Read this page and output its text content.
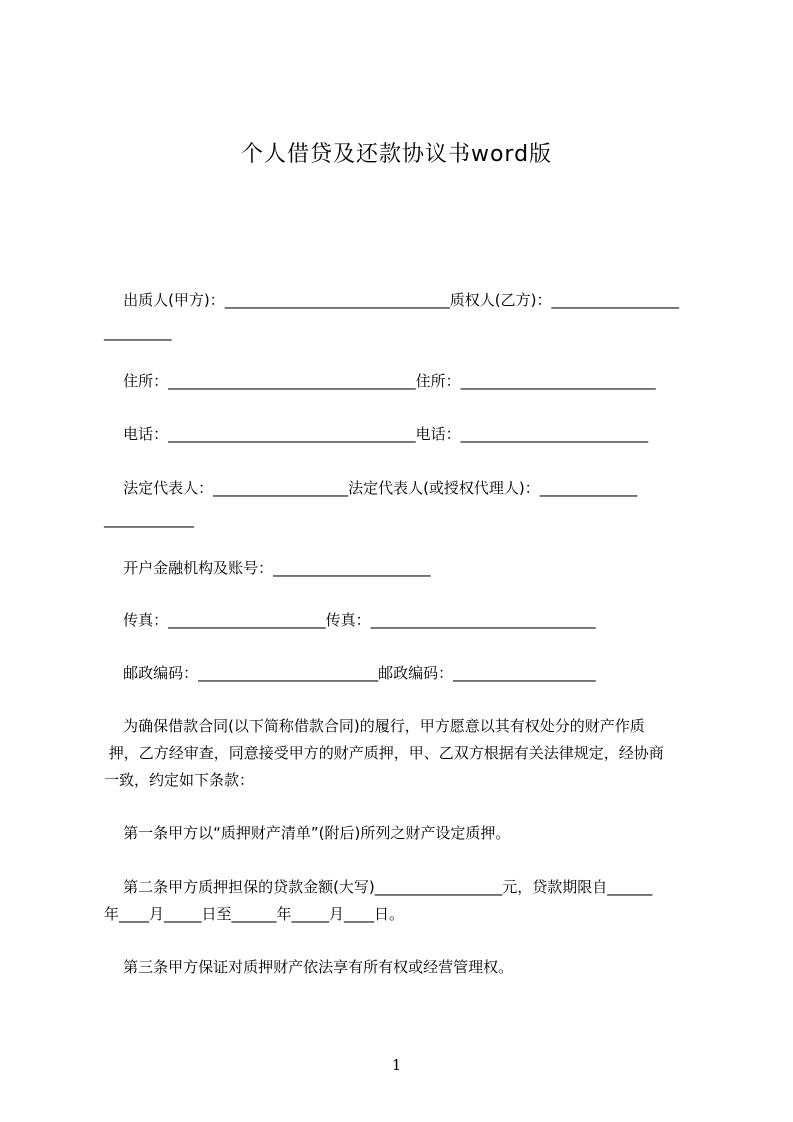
个人借贷及还款协议书word版
出质人(甲方)：______________________________质权人(乙方)：_________________
_________
住所：_________________________________住所：__________________________
电话：_________________________________电话：_________________________
法定代表人：__________________法定代表人(或授权代理人)：_____________
____________
开户金融机构及账号：_____________________
传真：_____________________传真：______________________________
邮政编码：________________________邮政编码：___________________
为确保借款合同(以下简称借款合同)的履行，甲方愿意以其有权处分的财产作质
押，乙方经审查，同意接受甲方的财产质押，甲、乙双方根据有关法律规定，经协商
一致，约定如下条款：
第一条甲方以“质押财产清单”(附后)所列之财产设定质押。
第二条甲方质押担保的贷款金额(大写)_________________元，贷款期限自______
年____月_____日至______年_____月____日。
第三条甲方保证对质押财产依法享有所有权或经营管理权。
1
